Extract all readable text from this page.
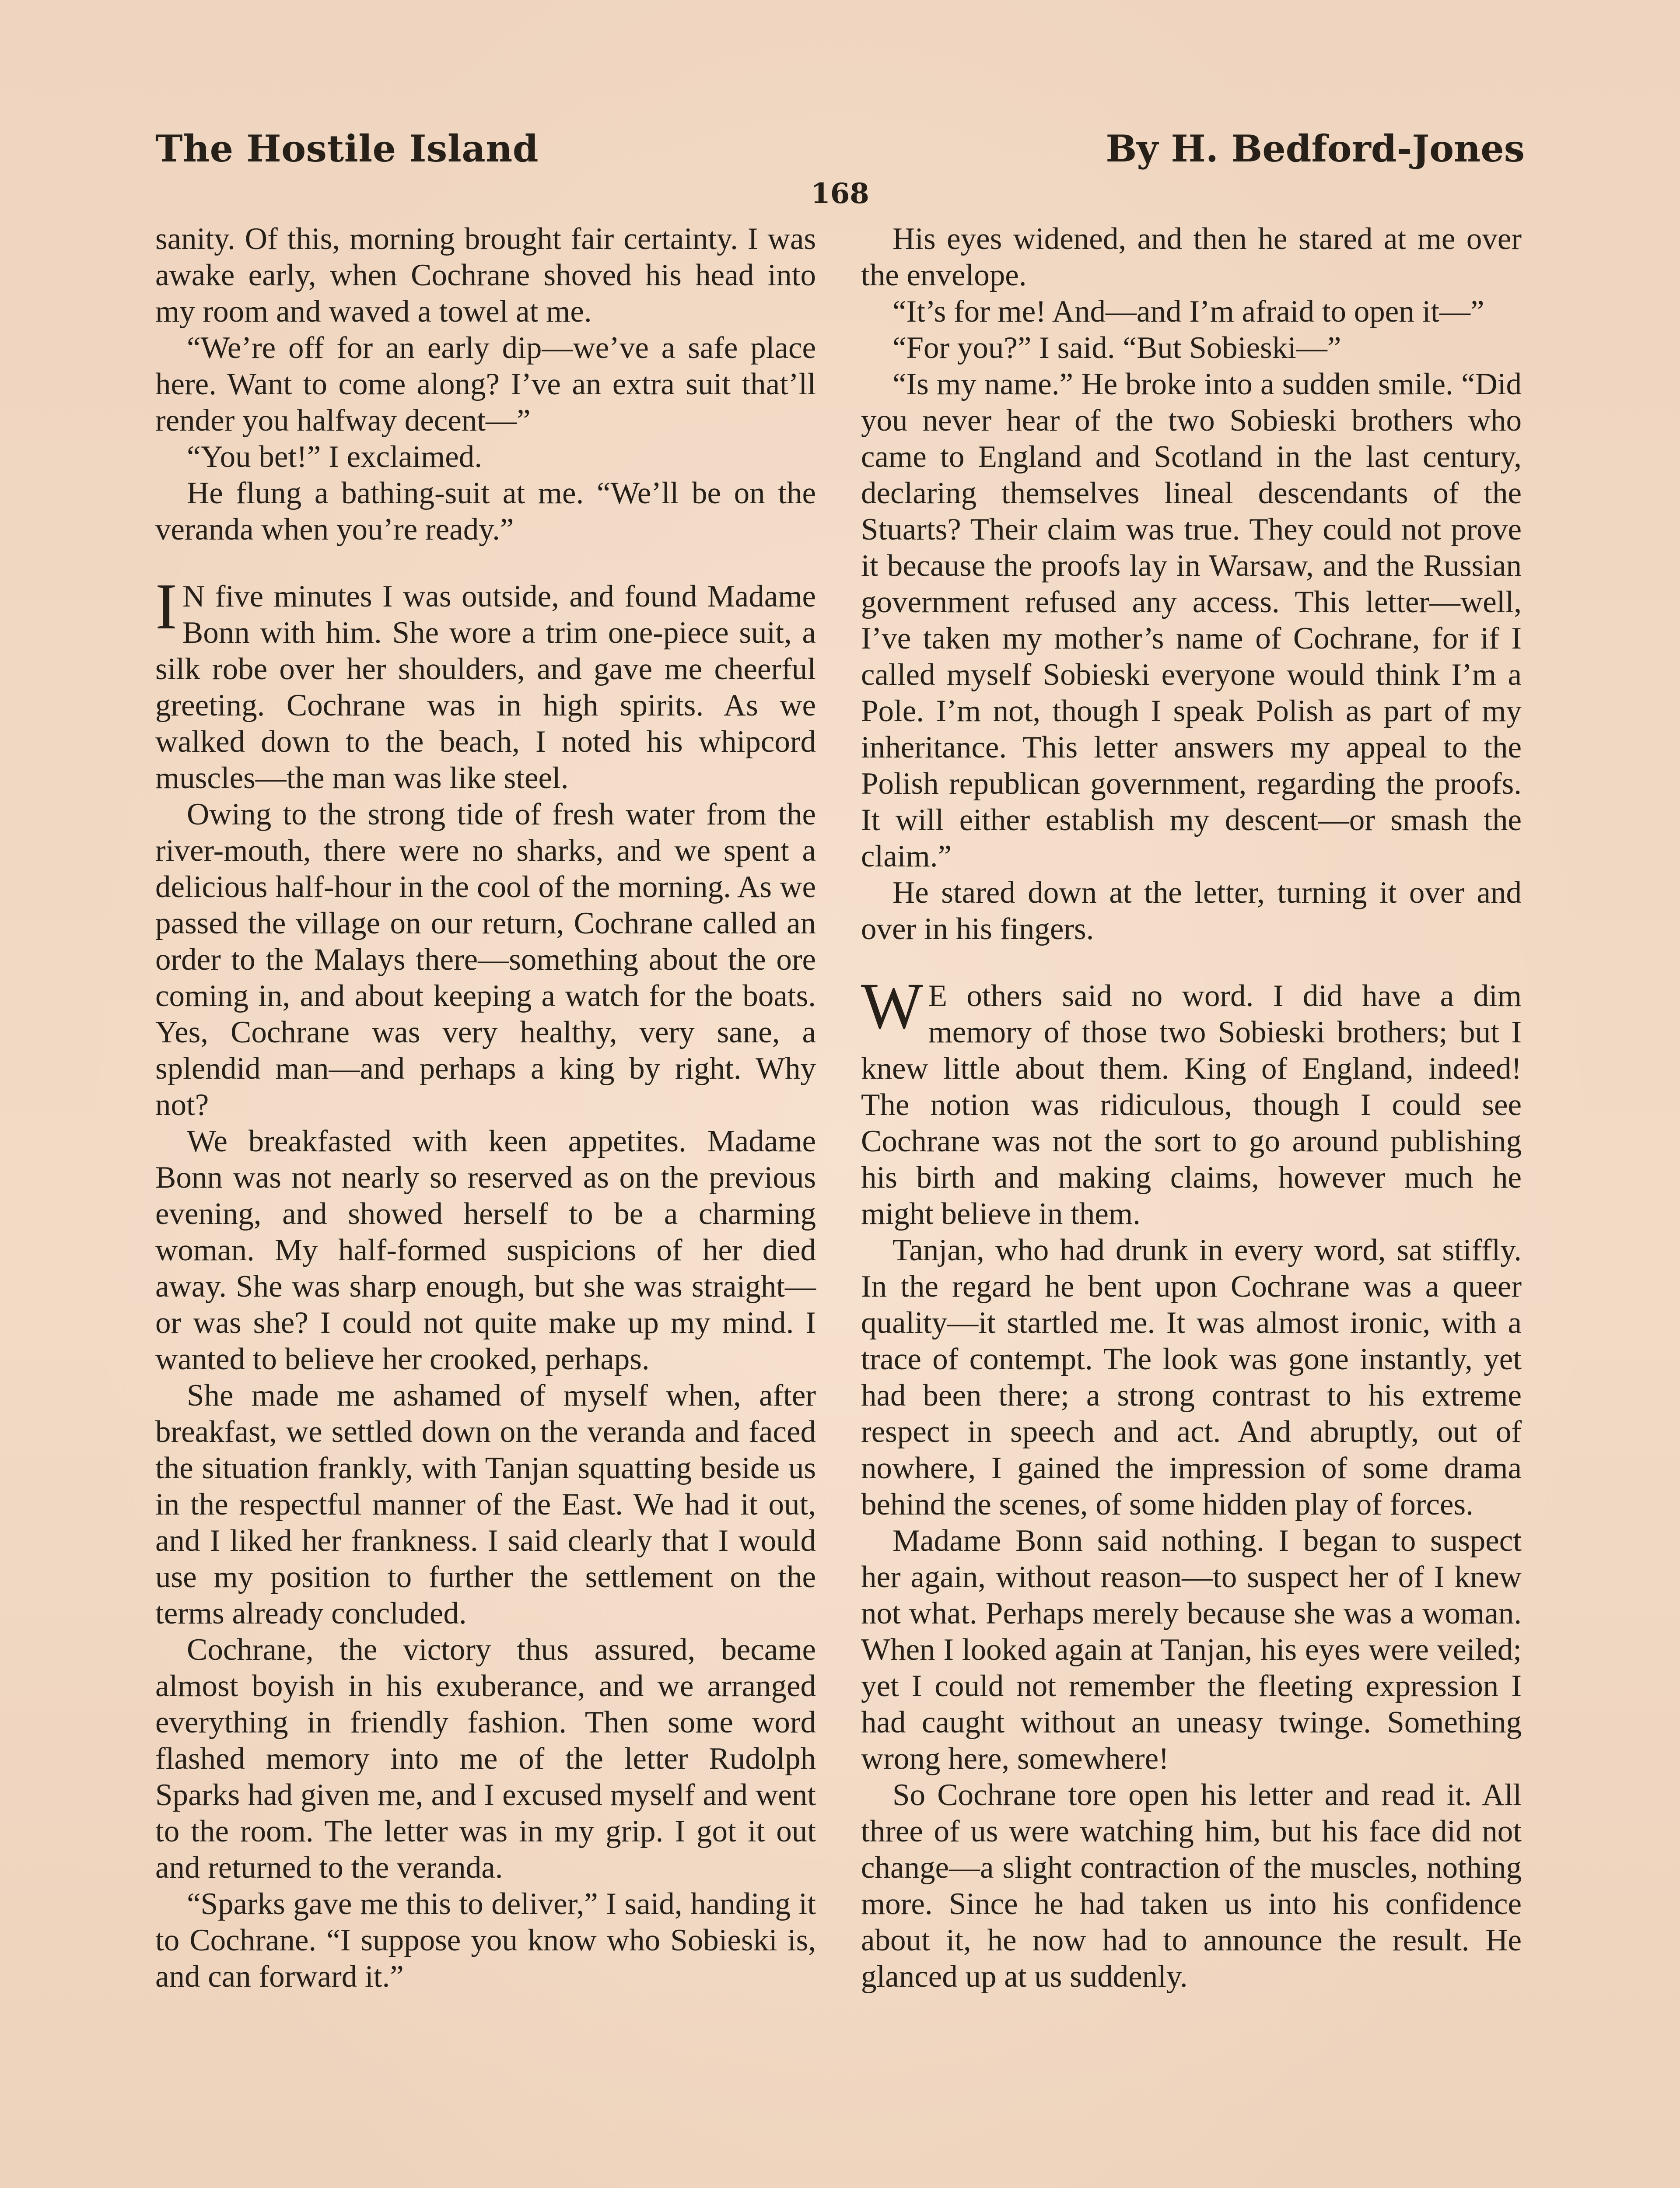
The Hostile Island	By H. Bedford-Jones
168

sanity. Of this, morning brought fair certainty. I was awake early, when Cochrane shoved his head into my room and waved a towel at me.

“We’re off for an early dip—we’ve a safe place here. Want to come along? I’ve an extra suit that’ll render you halfway decent—”

“You bet!” I exclaimed.

He flung a bathing-suit at me. “We’ll be on the veranda when you’re ready.”

I N five minutes I was outside, and found Madame Bonn with him. She wore a trim one-piece suit, a silk robe over her shoulders, and gave me cheerful greeting. Cochrane was in high spirits. As we walked down to the beach, I noted his whipcord muscles—the man was like steel.

Owing to the strong tide of fresh water from the river-mouth, there were no sharks, and we spent a delicious half-hour in the cool of the morning. As we passed the village on our return, Cochrane called an order to the Malays there—something about the ore coming in, and about keeping a watch for the boats. Yes, Cochrane was very healthy, very sane, a splendid man—and perhaps a king by right. Why not?

We breakfasted with keen appetites. Madame Bonn was not nearly so reserved as on the previous evening, and showed herself to be a charming woman. My half-formed suspicions of her died away. She was sharp enough, but she was straight—or was she? I could not quite make up my mind. I wanted to believe her crooked, perhaps.

She made me ashamed of myself when, after breakfast, we settled down on the veranda and faced the situation frankly, with Tanjan squatting beside us in the respectful manner of the East. We had it out, and I liked her frankness. I said clearly that I would use my position to further the settlement on the terms already concluded.

Cochrane, the victory thus assured, became almost boyish in his exuberance, and we arranged everything in friendly fashion. Then some word flashed memory into me of the letter Rudolph Sparks had given me, and I excused myself and went to the room. The letter was in my grip. I got it out and returned to the veranda.

“Sparks gave me this to deliver,” I said, handing it to Cochrane. “I suppose you know who Sobieski is, and can forward it.”

His eyes widened, and then he stared at me over the envelope.

“It’s for me! And—and I’m afraid to open it—”

“For you?” I said. “But Sobieski—”

“Is my name.” He broke into a sudden smile. “Did you never hear of the two Sobieski brothers who came to England and Scotland in the last century, declaring themselves lineal descendants of the Stuarts? Their claim was true. They could not prove it because the proofs lay in Warsaw, and the Russian government refused any access. This letter—well, I’ve taken my mother’s name of Cochrane, for if I called myself Sobieski everyone would think I’m a Pole. I’m not, though I speak Polish as part of my inheritance. This letter answers my appeal to the Polish republican government, regarding the proofs. It will either establish my descent—or smash the claim.”

He stared down at the letter, turning it over and over in his fingers.

W E others said no word. I did have a dim memory of those two Sobieski brothers; but I knew little about them. King of England, indeed! The notion was ridiculous, though I could see Cochrane was not the sort to go around publishing his birth and making claims, however much he might believe in them.

Tanjan, who had drunk in every word, sat stiffly. In the regard he bent upon Cochrane was a queer quality—it startled me. It was almost ironic, with a trace of contempt. The look was gone instantly, yet had been there; a strong contrast to his extreme respect in speech and act. And abruptly, out of nowhere, I gained the impression of some drama behind the scenes, of some hidden play of forces.

Madame Bonn said nothing. I began to suspect her again, without reason—to suspect her of I knew not what. Perhaps merely because she was a woman. When I looked again at Tanjan, his eyes were veiled; yet I could not remember the fleeting expression I had caught without an uneasy twinge. Something wrong here, somewhere!

So Cochrane tore open his letter and read it. All three of us were watching him, but his face did not change—a slight contraction of the muscles, nothing more. Since he had taken us into his confidence about it, he now had to announce the result. He glanced up at us suddenly.
